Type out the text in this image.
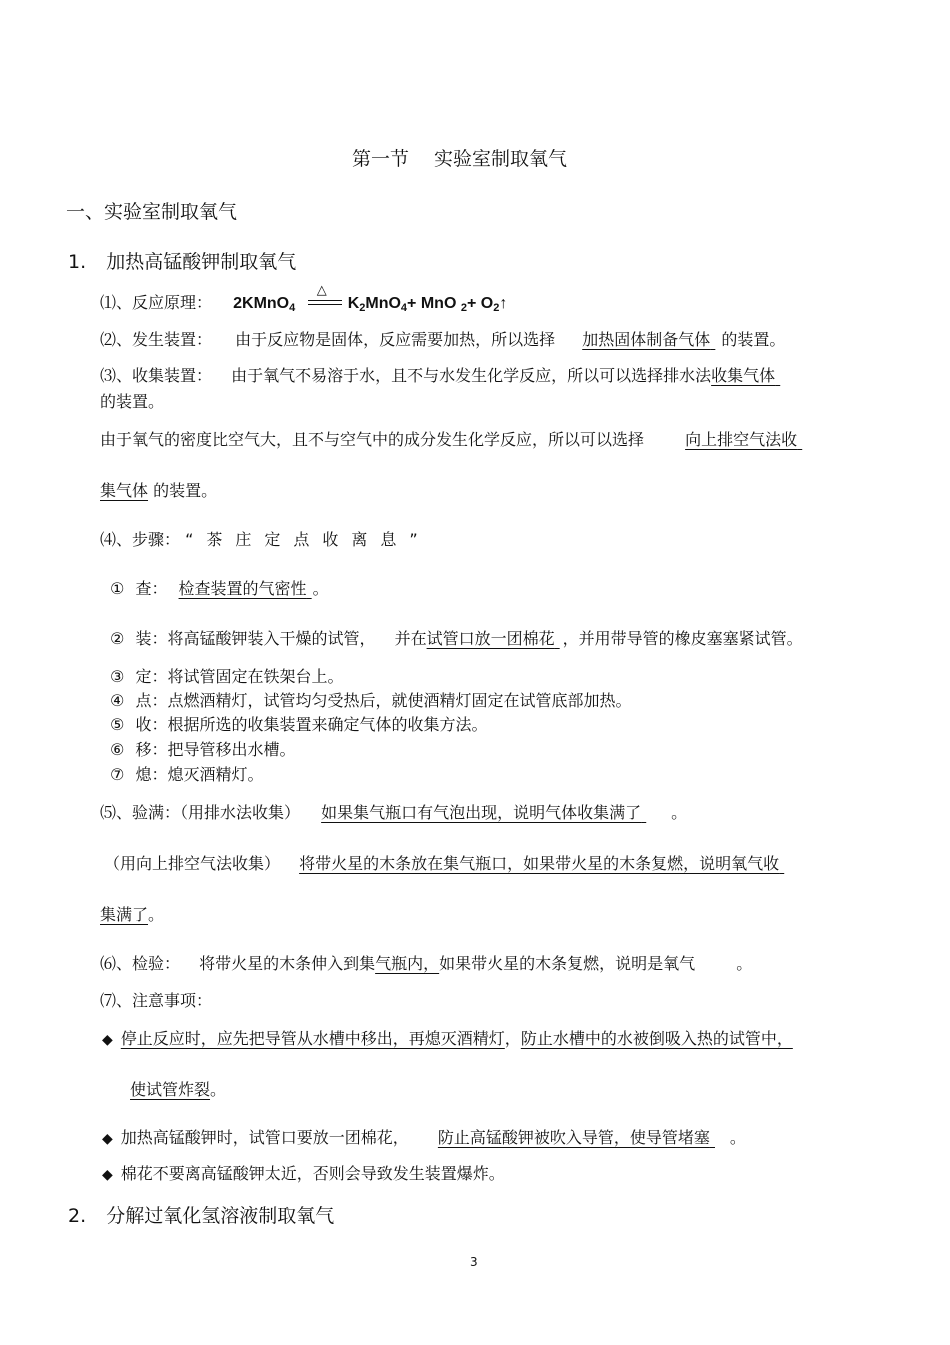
第一节　 实验室制取氧气
一、实验室制取氧气
1. 加热高锰酸钾制取氧气
⑴、反应原理： 2KMnO4
△
K2MnO4+ MnO 2+ O2↑
⑵、发生装置： 由于反应物是固体，反应需要加热，所以选择 加热固体制备气体 的装置。
⑶、收集装置： 由于氧气不易溶于水，且不与水发生化学反应，所以可以选择排水法收集气体
的装置。
由于氧气的密度比空气大，且不与空气中的成分发生化学反应，所以可以选择	向上排空气法收
集气体 的装置。
⑷、步骤： “茶庄定点收离息”
① 查： 检查装置的气密性 。
② 装：将高锰酸钾装入干燥的试管， 并在试管口放一团棉花 ，并用带导管的橡皮塞塞紧试管。
③ 定：将试管固定在铁架台上。
④ 点：点燃酒精灯，试管均匀受热后，就使酒精灯固定在试管底部加热。
⑤ 收：根据所选的收集装置来确定气体的收集方法。
⑥ 移：把导管移出水槽。
⑦ 熄：熄灭酒精灯。
⑸、验满：（用排水法收集） 如果集气瓶口有气泡出现，说明气体收集满了 。
（用向上排空气法收集） 将带火星的木条放在集气瓶口，如果带火星的木条复燃，说明氧气收
集满了。
⑹、检验： 将带火星的木条伸入到集气瓶内，如果带火星的木条复燃，说明是氧气	。
⑺、注意事项：
◆ 停止反应时，应先把导管从水槽中移出，再熄灭酒精灯，防止水槽中的水被倒吸入热的试管中，
使试管炸裂。
◆ 加热高锰酸钾时，试管口要放一团棉花， 防止高锰酸钾被吹入导管，使导管堵塞 。
◆ 棉花不要离高锰酸钾太近，否则会导致发生装置爆炸。
2. 分解过氧化氢溶液制取氧气
3
